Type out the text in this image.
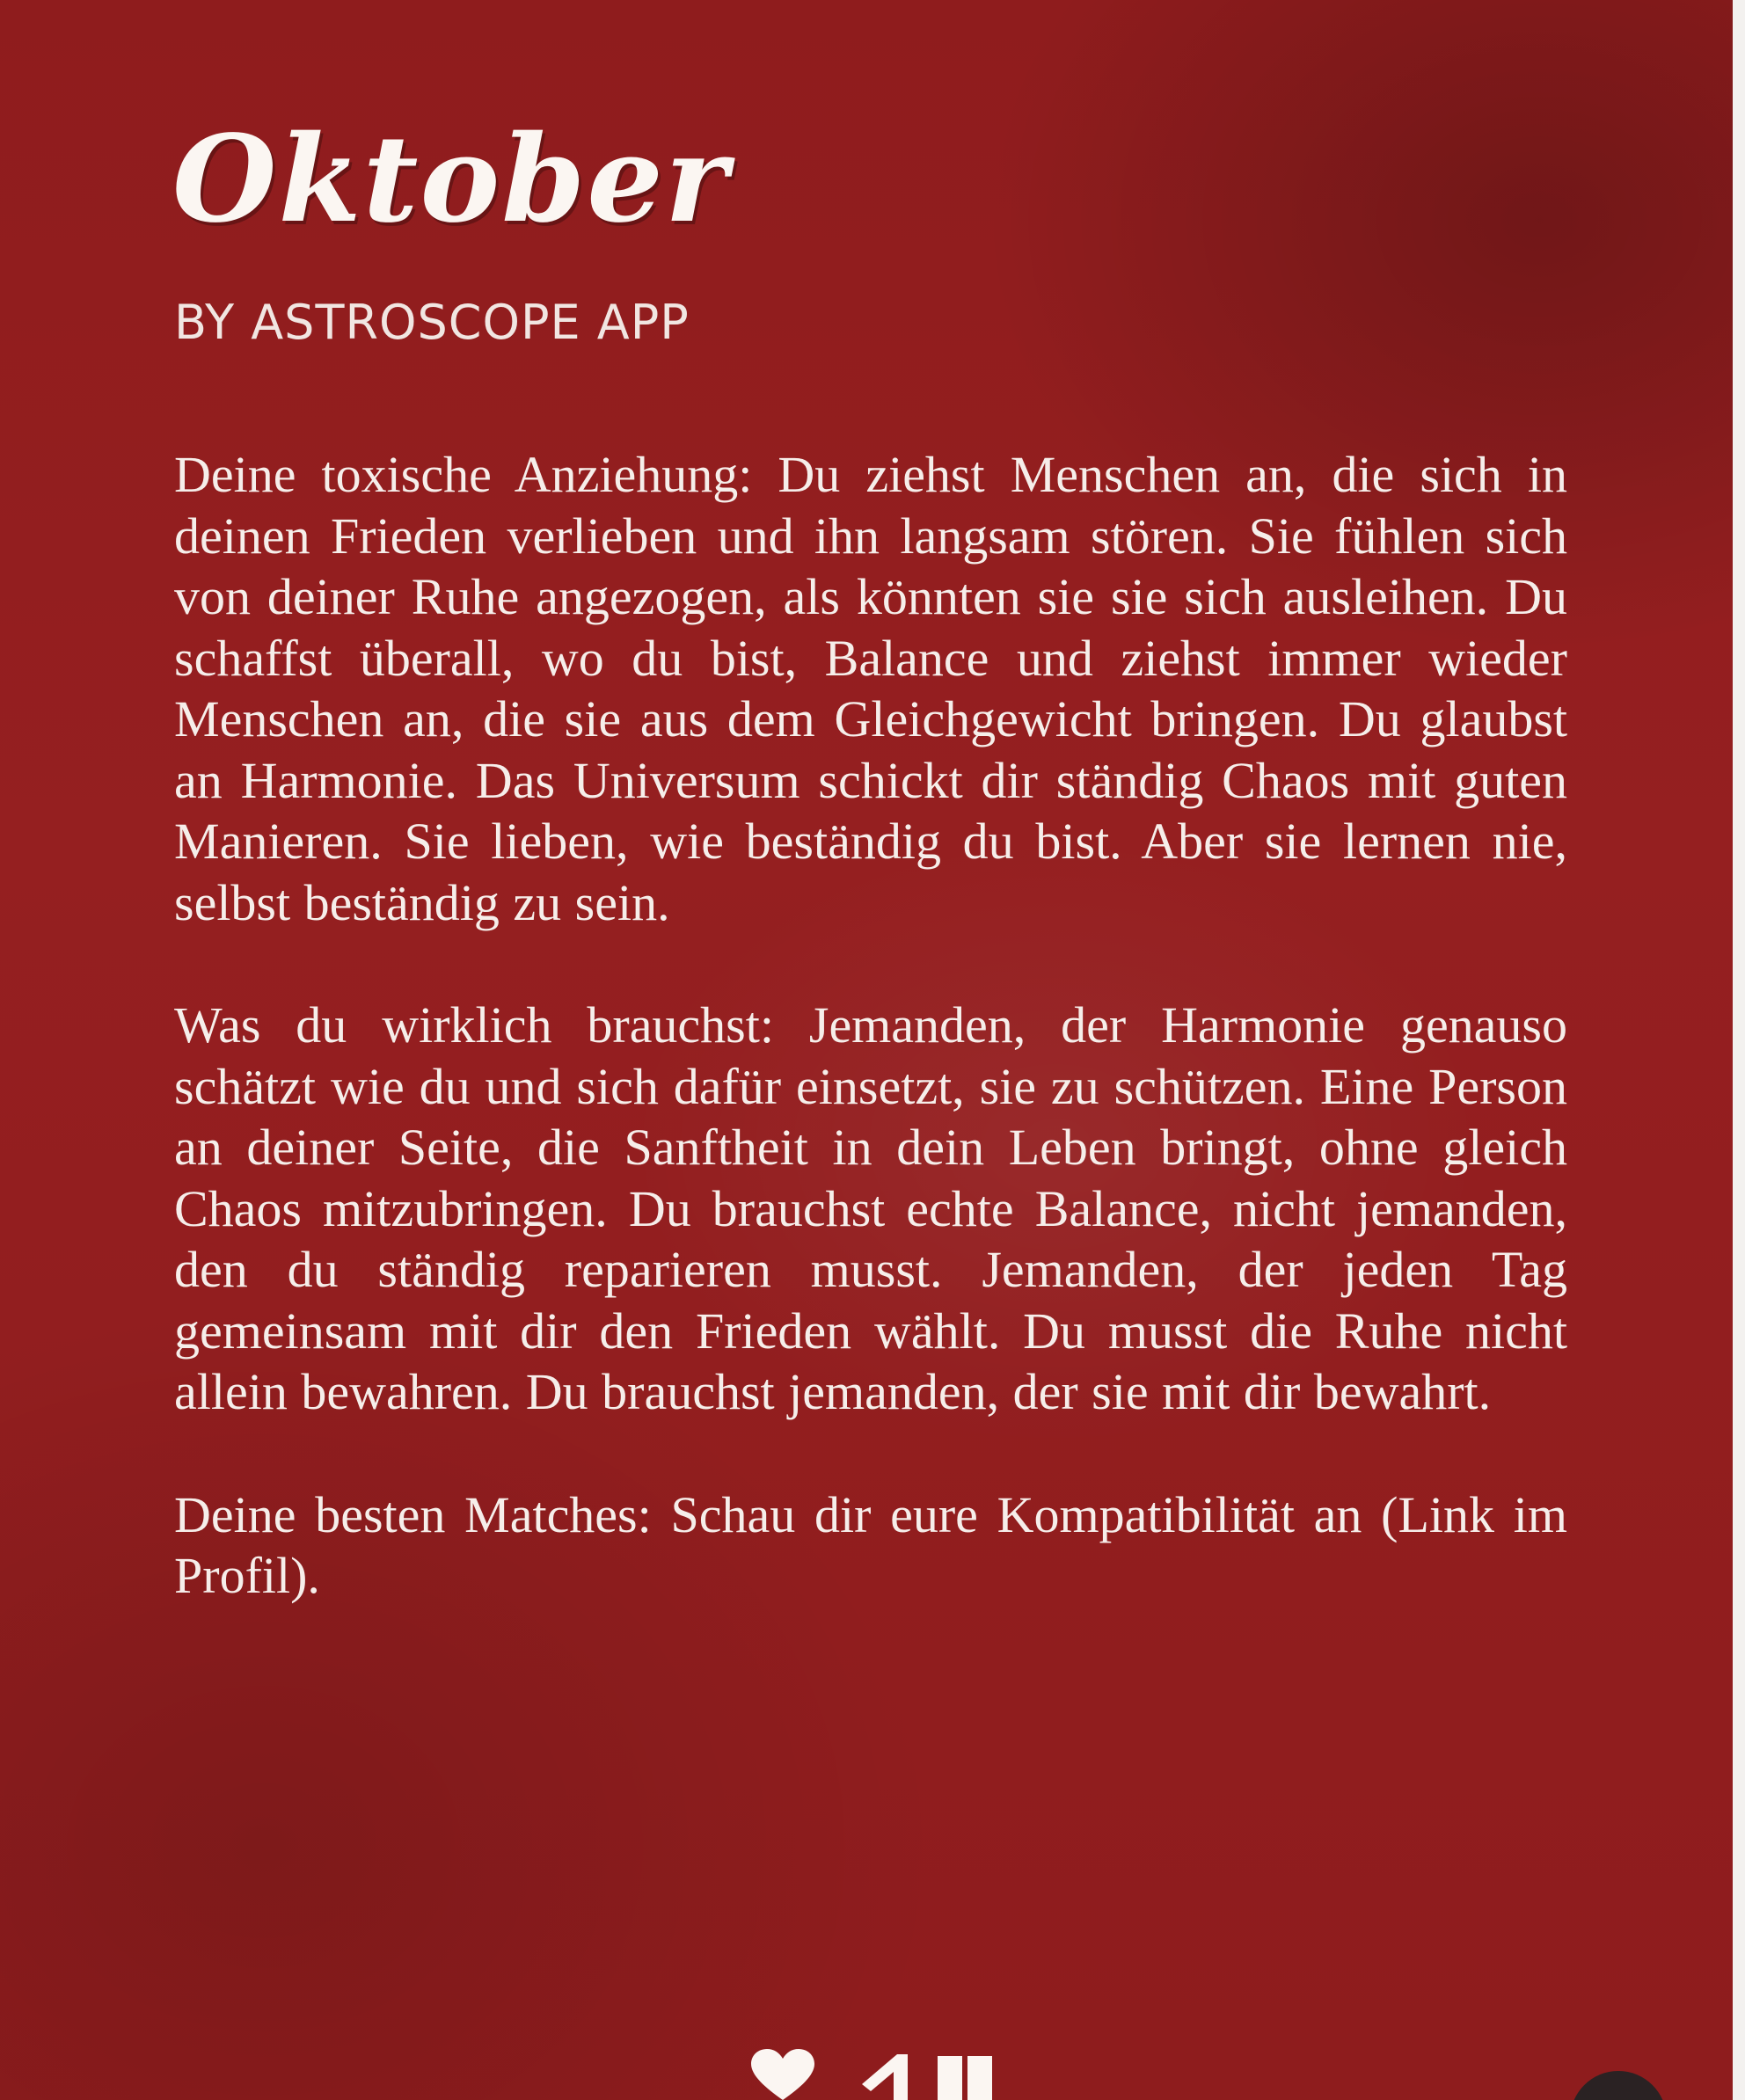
Oktober

BY ASTROSCOPE APP

Deine toxische Anziehung: Du ziehst Menschen an, die sich in deinen Frieden verlieben und ihn langsam stören. Sie fühlen sich von deiner Ruhe angezogen, als könnten sie sie sich ausleihen. Du schaffst überall, wo du bist, Balance und ziehst immer wieder Menschen an, die sie aus dem Gleichgewicht bringen. Du glaubst an Harmonie. Das Universum schickt dir ständig Chaos mit guten Manieren. Sie lieben, wie beständig du bist. Aber sie lernen nie, selbst beständig zu sein.

Was du wirklich brauchst: Jemanden, der Harmonie genauso schätzt wie du und sich dafür einsetzt, sie zu schützen. Eine Person an deiner Seite, die Sanftheit in dein Leben bringt, ohne gleich Chaos mitzubringen. Du brauchst echte Balance, nicht jemanden, den du ständig reparieren musst. Jemanden, der jeden Tag gemeinsam mit dir den Frieden wählt. Du musst die Ruhe nicht allein bewahren. Du brauchst jemanden, der sie mit dir bewahrt.

Deine besten Matches: Schau dir eure Kompatibilität an (Link im Profil).
